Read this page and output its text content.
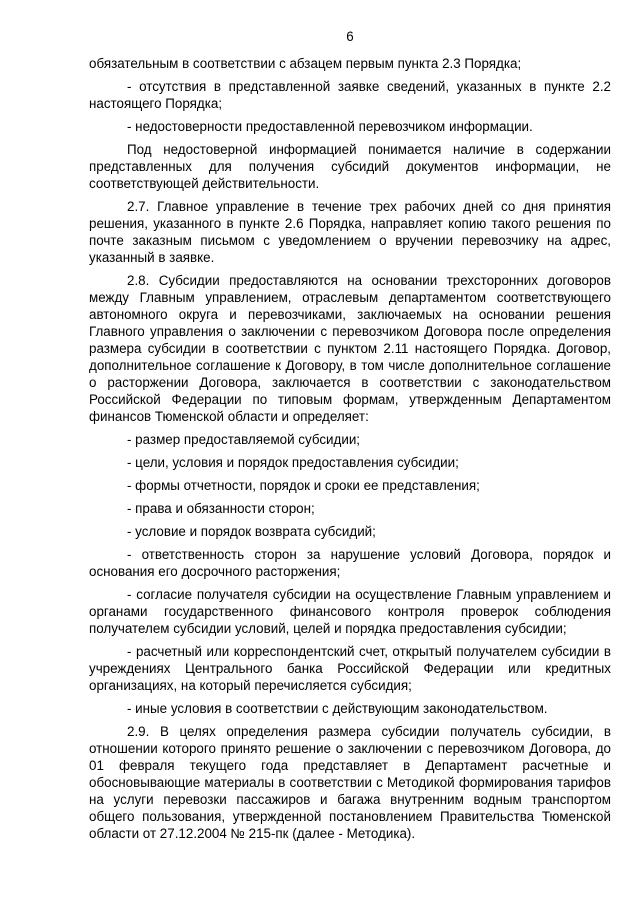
6

обязательным в соответствии с абзацем первым пункта 2.3 Порядка;

- отсутствия в представленной заявке сведений, указанных в пункте 2.2 настоящего Порядка;

- недостоверности предоставленной перевозчиком информации.

Под недостоверной информацией понимается наличие в содержании представленных для получения субсидий документов информации, не соответствующей действительности.

2.7. Главное управление в течение трех рабочих дней со дня принятия решения, указанного в пункте 2.6 Порядка, направляет копию такого решения по почте заказным письмом с уведомлением о вручении перевозчику на адрес, указанный в заявке.

2.8. Субсидии предоставляются на основании трехсторонних договоров между Главным управлением, отраслевым департаментом соответствующего автономного округа и перевозчиками, заключаемых на основании решения Главного управления о заключении с перевозчиком Договора после определения размера субсидии в соответствии с пунктом 2.11 настоящего Порядка. Договор, дополнительное соглашение к Договору, в том числе дополнительное соглашение о расторжении Договора, заключается в соответствии с законодательством Российской Федерации по типовым формам, утвержденным Департаментом финансов Тюменской области и определяет:

- размер предоставляемой субсидии;

- цели, условия и порядок предоставления субсидии;

- формы отчетности, порядок и сроки ее представления;

- права и обязанности сторон;

- условие и порядок возврата субсидий;

- ответственность сторон за нарушение условий Договора, порядок и основания его досрочного расторжения;

- согласие получателя субсидии на осуществление Главным управлением и органами государственного финансового контроля проверок соблюдения получателем субсидии условий, целей и порядка предоставления субсидии;

- расчетный или корреспондентский счет, открытый получателем субсидии в учреждениях Центрального банка Российской Федерации или кредитных организациях, на который перечисляется субсидия;

- иные условия в соответствии с действующим законодательством.

2.9. В целях определения размера субсидии получатель субсидии, в отношении которого принято решение о заключении с перевозчиком Договора, до 01 февраля текущего года представляет в Департамент расчетные и обосновывающие материалы в соответствии с Методикой формирования тарифов на услуги перевозки пассажиров и багажа внутренним водным транспортом общего пользования, утвержденной постановлением Правительства Тюменской области от 27.12.2004 № 215-пк (далее - Методика).
